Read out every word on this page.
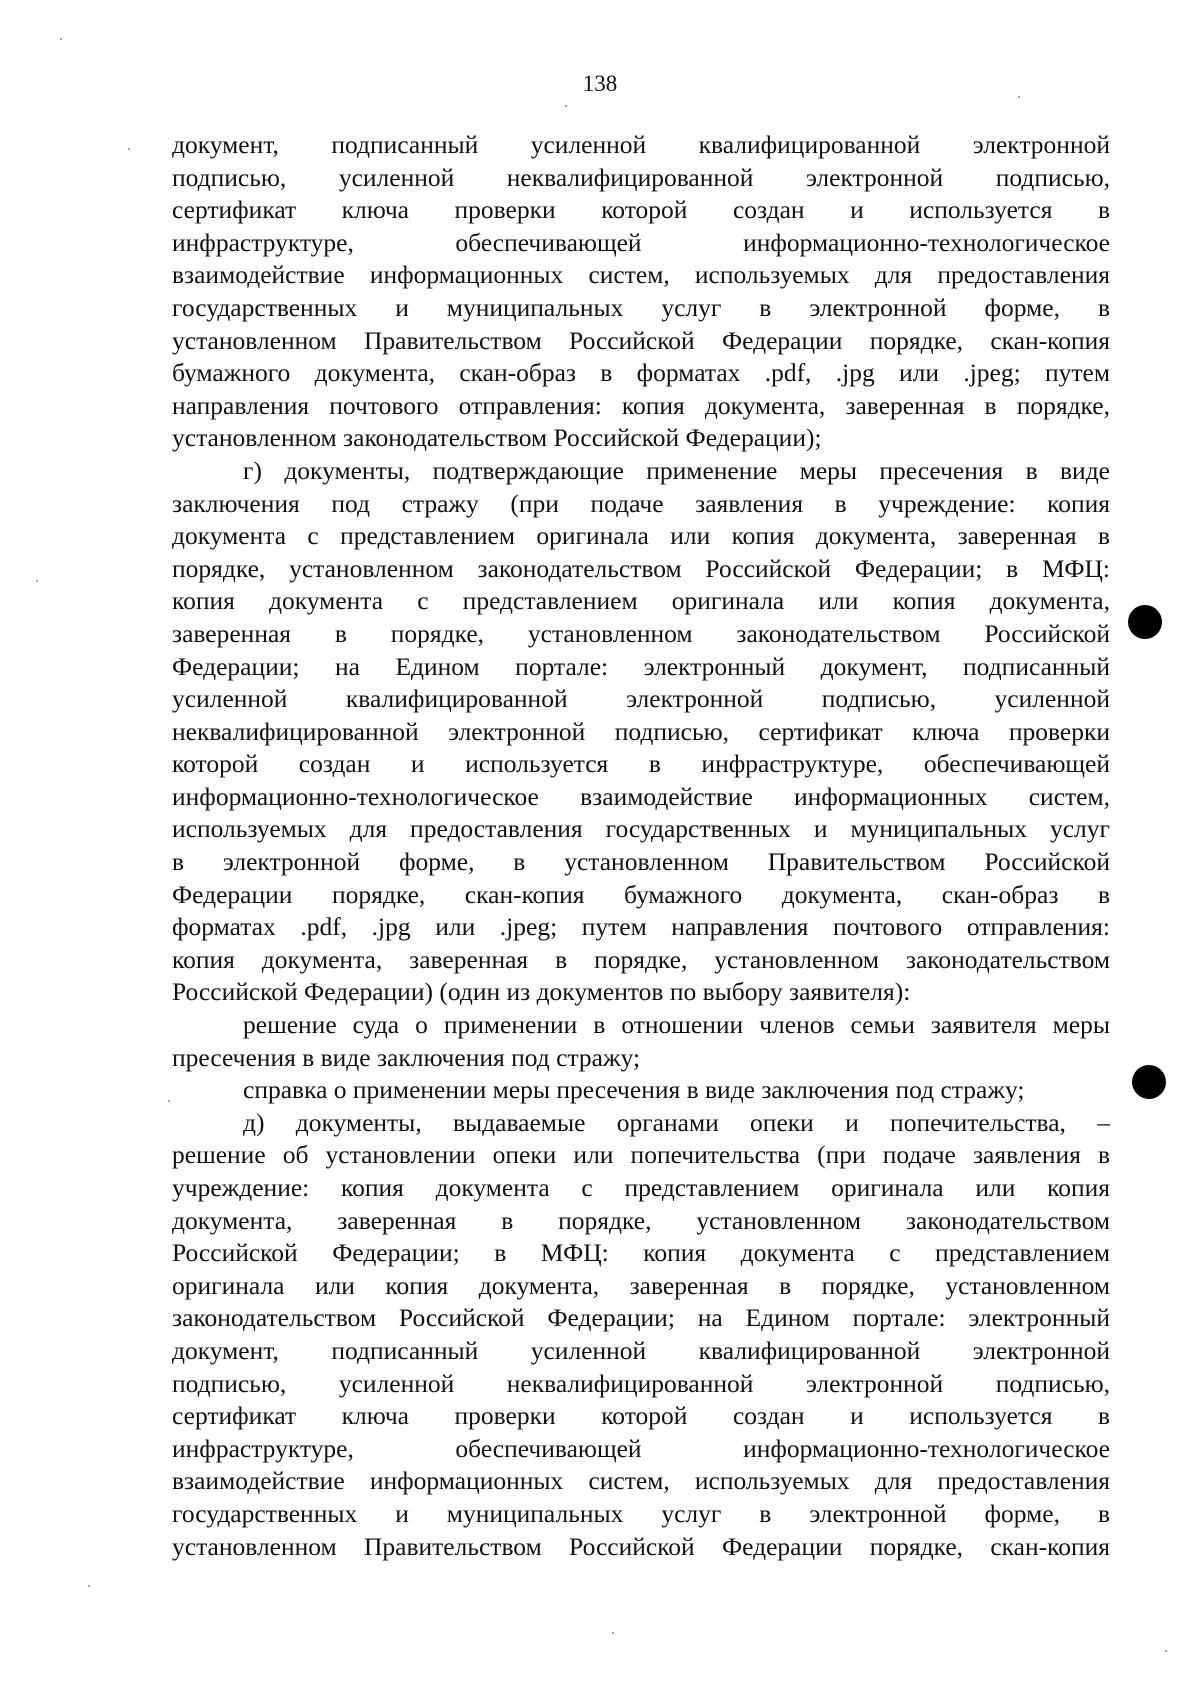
138
документ, подписанный усиленной квалифицированной электронной
подписью, усиленной неквалифицированной электронной подписью,
сертификат ключа проверки которой создан и используется в
инфраструктуре, обеспечивающей информационно-технологическое
взаимодействие информационных систем, используемых для предоставления
государственных и муниципальных услуг в электронной форме, в
установленном Правительством Российской Федерации порядке, скан-копия
бумажного документа, скан-образ в форматах .pdf, .jpg или .jpeg; путем
направления почтового отправления: копия документа, заверенная в порядке,
установленном законодательством Российской Федерации);
г) документы, подтверждающие применение меры пресечения в виде
заключения под стражу (при подаче заявления в учреждение: копия
документа с представлением оригинала или копия документа, заверенная в
порядке, установленном законодательством Российской Федерации; в МФЦ:
копия документа с представлением оригинала или копия документа,
заверенная в порядке, установленном законодательством Российской
Федерации; на Едином портале: электронный документ, подписанный
усиленной квалифицированной электронной подписью, усиленной
неквалифицированной электронной подписью, сертификат ключа проверки
которой создан и используется в инфраструктуре, обеспечивающей
информационно-технологическое взаимодействие информационных систем,
используемых для предоставления государственных и муниципальных услуг
в электронной форме, в установленном Правительством Российской
Федерации порядке, скан-копия бумажного документа, скан-образ в
форматах .pdf, .jpg или .jpeg; путем направления почтового отправления:
копия документа, заверенная в порядке, установленном законодательством
Российской Федерации) (один из документов по выбору заявителя):
решение суда о применении в отношении членов семьи заявителя меры
пресечения в виде заключения под стражу;
справка о применении меры пресечения в виде заключения под стражу;
д) документы, выдаваемые органами опеки и попечительства, –
решение об установлении опеки или попечительства (при подаче заявления в
учреждение: копия документа с представлением оригинала или копия
документа, заверенная в порядке, установленном законодательством
Российской Федерации; в МФЦ: копия документа с представлением
оригинала или копия документа, заверенная в порядке, установленном
законодательством Российской Федерации; на Едином портале: электронный
документ, подписанный усиленной квалифицированной электронной
подписью, усиленной неквалифицированной электронной подписью,
сертификат ключа проверки которой создан и используется в
инфраструктуре, обеспечивающей информационно-технологическое
взаимодействие информационных систем, используемых для предоставления
государственных и муниципальных услуг в электронной форме, в
установленном Правительством Российской Федерации порядке, скан-копия
